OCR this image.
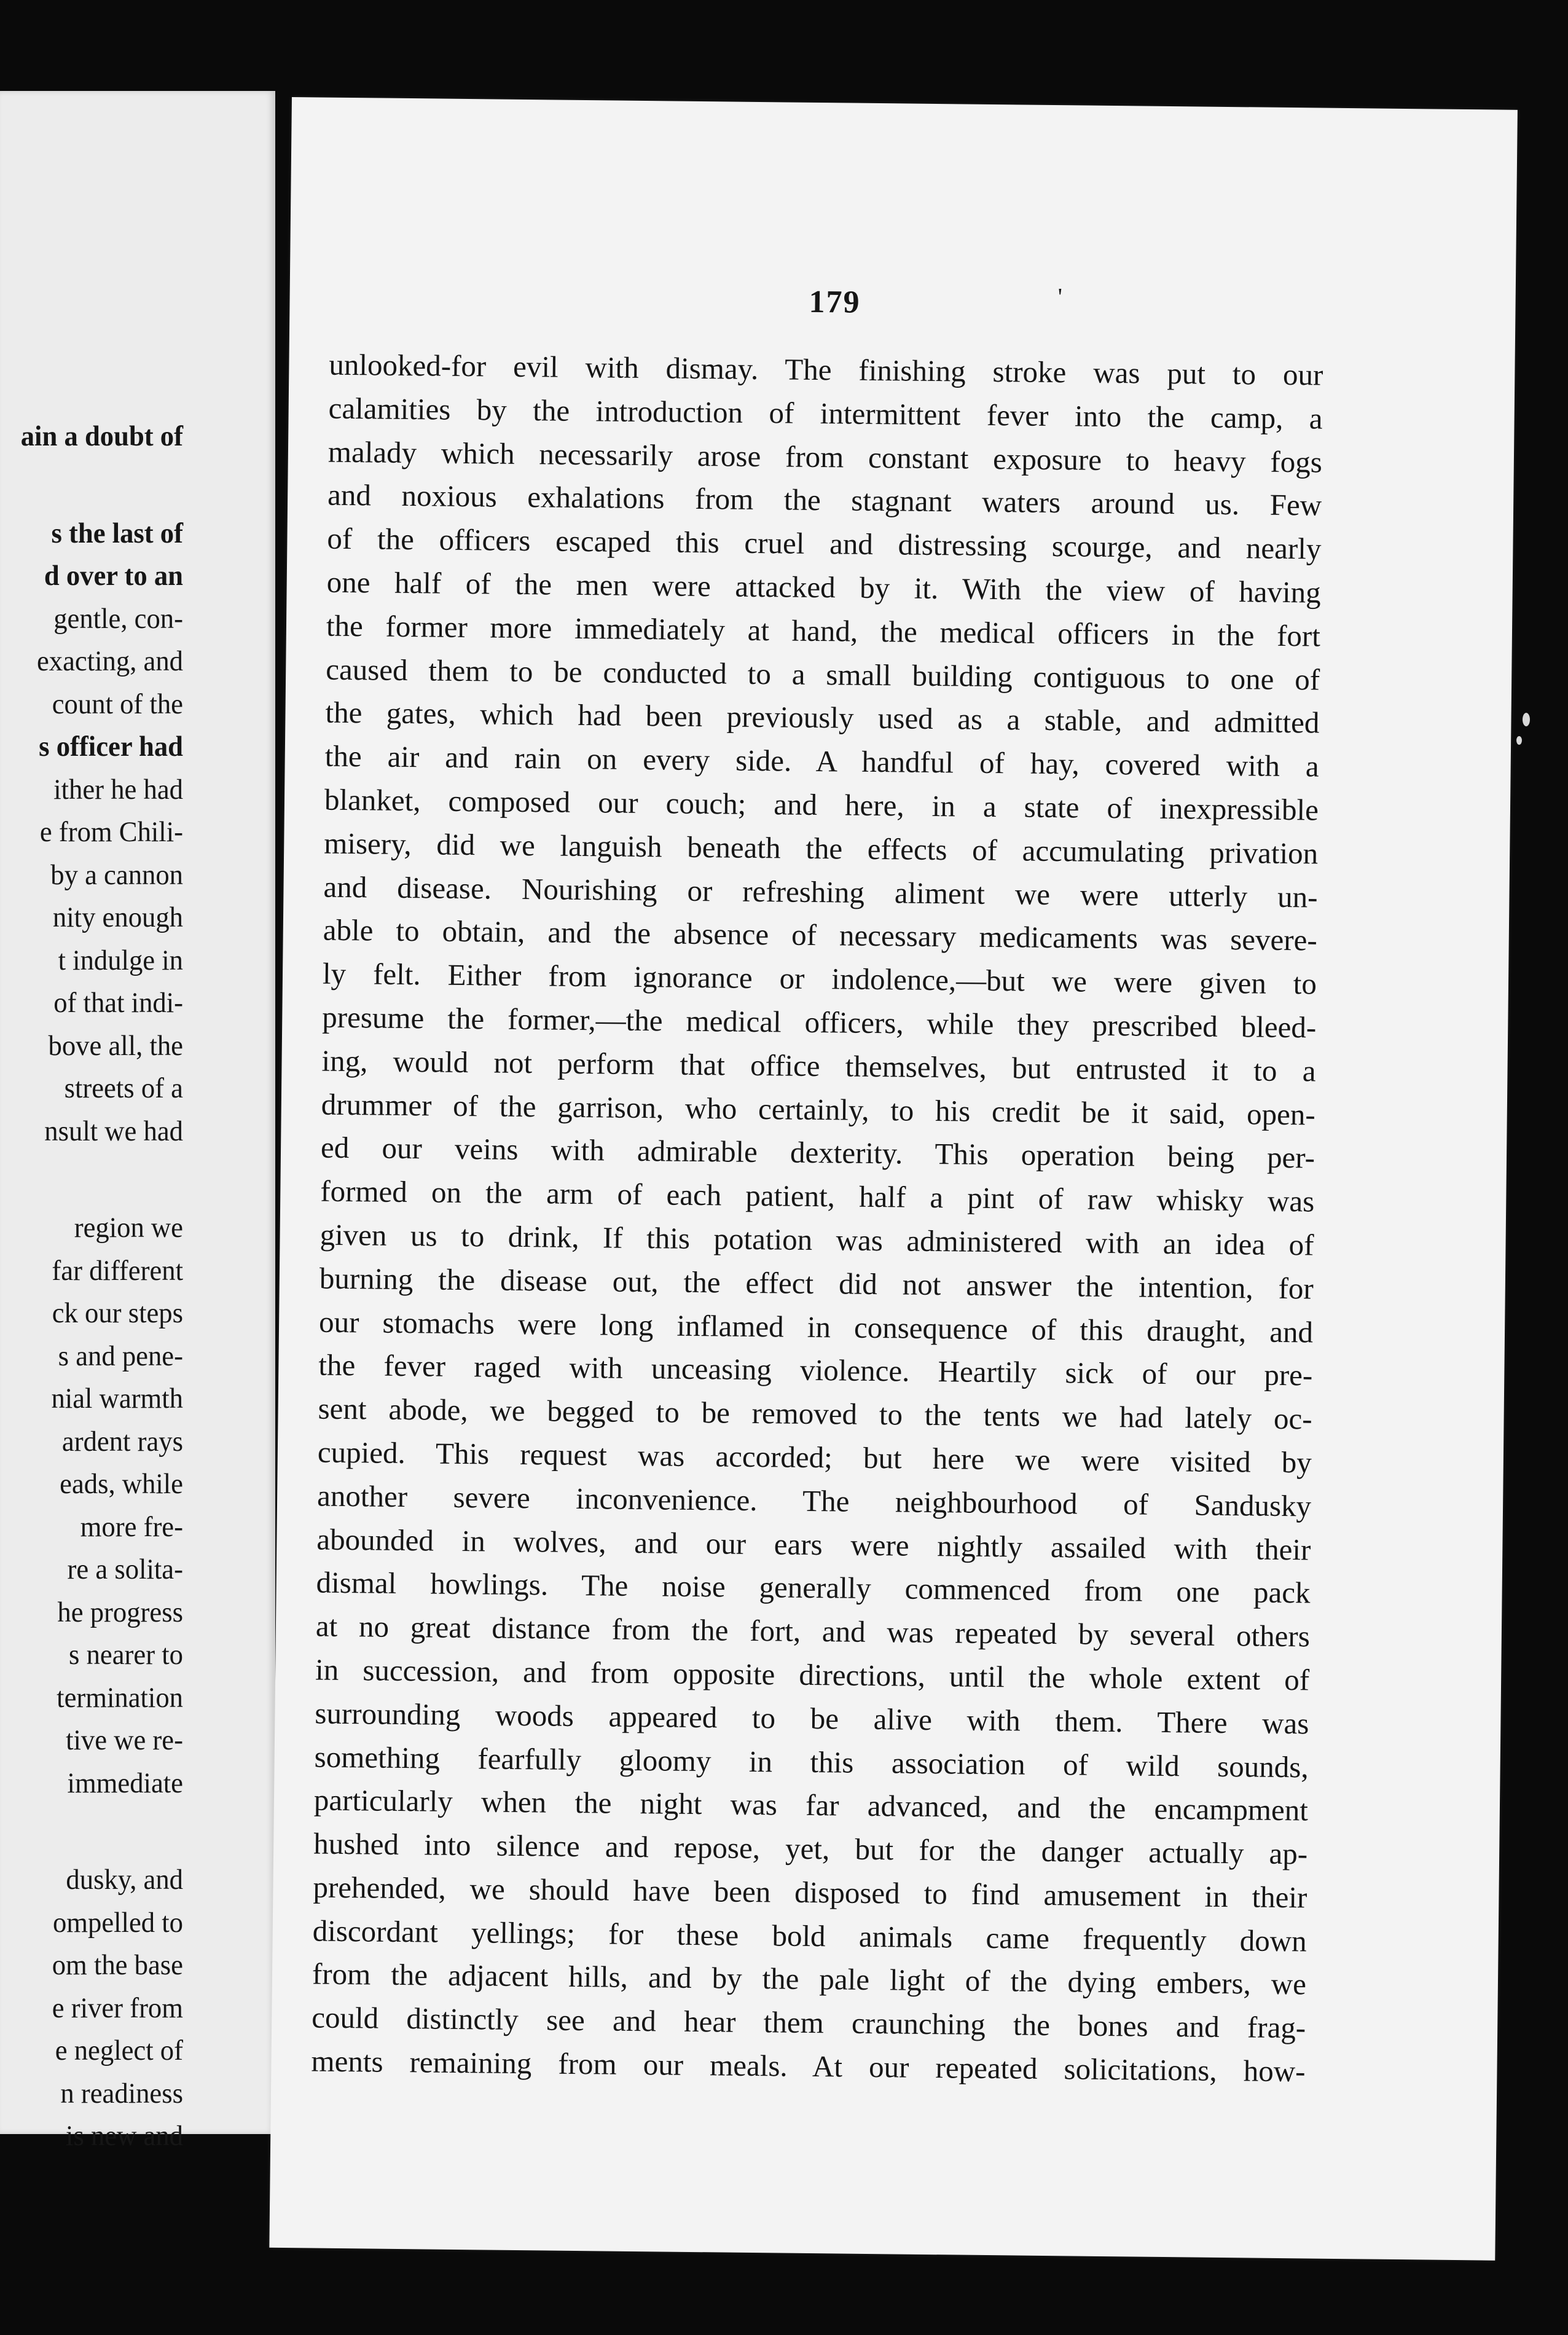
ain a doubt of
s the last of
d over to an
gentle, con-
exacting, and
count of the
s officer had
ither he had
e from Chili-
by a cannon
nity enough
t indulge in
of that indi-
bove all, the
streets of a
nsult we had
region we
far different
ck our steps
s and pene-
nial warmth
ardent rays
eads, while
more fre-
re a solita-
he progress
s nearer to
termination
tive we re-
immediate
dusky, and
ompelled to
om the base
e river from
e neglect of
n readiness
is new and
179	'
unlooked-for evil with dismay. The finishing stroke was put to our
calamities by the introduction of intermittent fever into the camp, a
malady which necessarily arose from constant exposure to heavy fogs
and noxious exhalations from the stagnant waters around us. Few
of the officers escaped this cruel and distressing scourge, and nearly
one half of the men were attacked by it. With the view of having
the former more immediately at hand, the medical officers in the fort
caused them to be conducted to a small building contiguous to one of
the gates, which had been previously used as a stable, and admitted
the air and rain on every side. A handful of hay, covered with a
blanket, composed our couch; and here, in a state of inexpressible
misery, did we languish beneath the effects of accumulating privation
and disease. Nourishing or refreshing aliment we were utterly un-
able to obtain, and the absence of necessary medicaments was severe-
ly felt. Either from ignorance or indolence,—but we were given to
presume the former,—the medical officers, while they prescribed bleed-
ing, would not perform that office themselves, but entrusted it to a
drummer of the garrison, who certainly, to his credit be it said, open-
ed our veins with admirable dexterity. This operation being per-
formed on the arm of each patient, half a pint of raw whisky was
given us to drink, If this potation was administered with an idea of
burning the disease out, the effect did not answer the intention, for
our stomachs were long inflamed in consequence of this draught, and
the fever raged with unceasing violence. Heartily sick of our pre-
sent abode, we begged to be removed to the tents we had lately oc-
cupied. This request was accorded; but here we were visited by
another severe inconvenience. The neighbourhood of Sandusky
abounded in wolves, and our ears were nightly assailed with their
dismal howlings. The noise generally commenced from one pack
at no great distance from the fort, and was repeated by several others
in succession, and from opposite directions, until the whole extent of
surrounding woods appeared to be alive with them. There was
something fearfully gloomy in this association of wild sounds,
particularly when the night was far advanced, and the encampment
hushed into silence and repose, yet, but for the danger actually ap-
prehended, we should have been disposed to find amusement in their
discordant yellings; for these bold animals came frequently down
from the adjacent hills, and by the pale light of the dying embers, we
could distinctly see and hear them craunching the bones and frag-
ments remaining from our meals. At our repeated solicitations, how-
